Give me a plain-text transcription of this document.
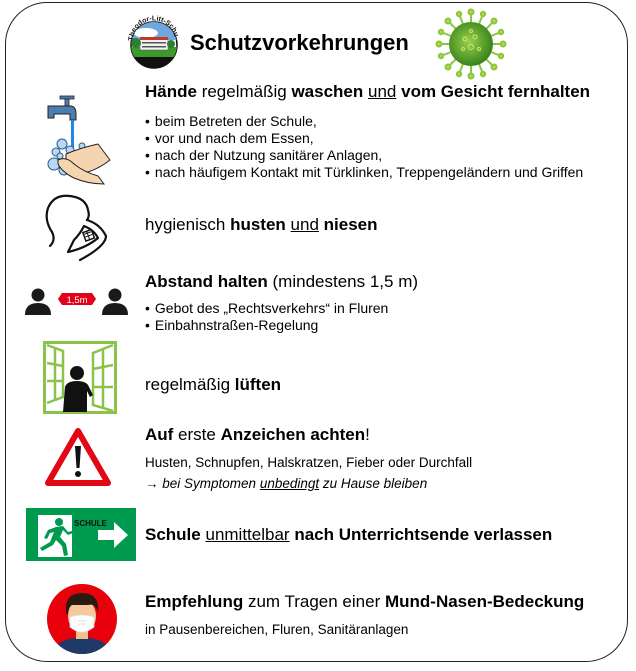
Theodor-Litt-Schu Schutzvorkehrungen
Hände regelmäßig waschen und vom Gesicht fernhalten
• beim Betreten der Schule,
• vor und nach dem Essen,
• nach der Nutzung sanitärer Anlagen,
• nach häufigem Kontakt mit Türklinken, Treppengeländern und Griffen
hygienisch husten und niesen
1,5m
Abstand halten (mindestens 1,5 m)
• Gebot des „Rechtsverkehrs“ in Fluren
• Einbahnstraßen-Regelung
regelmäßig lüften
Auf erste Anzeichen achten!
Husten, Schnupfen, Halskratzen, Fieber oder Durchfall
→ bei Symptomen unbedingt zu Hause bleiben
SCHULE
Schule unmittelbar nach Unterrichtsende verlassen
Empfehlung zum Tragen einer Mund-Nasen-Bedeckung
in Pausenbereichen, Fluren, Sanitäranlagen
